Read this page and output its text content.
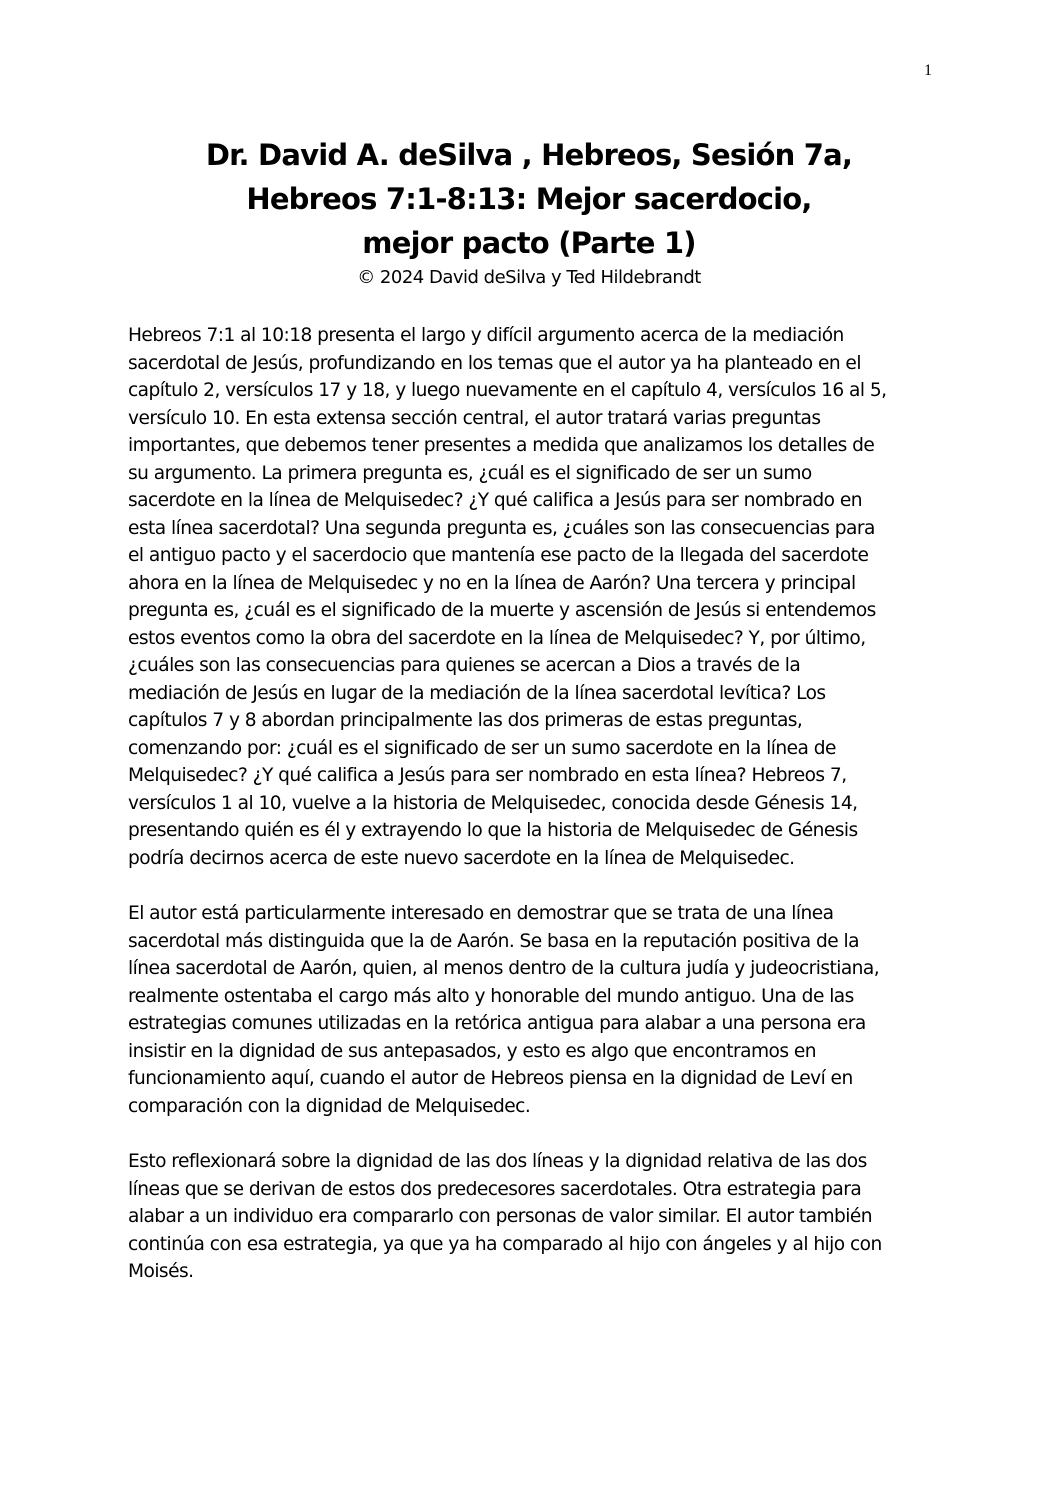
1
Dr. David A. deSilva , Hebreos, Sesión 7a,
Hebreos 7:1-8:13: Mejor sacerdocio,
mejor pacto (Parte 1)
© 2024 David deSilva y Ted Hildebrandt
Hebreos 7:1 al 10:18 presenta el largo y difícil argumento acerca de la mediación
sacerdotal de Jesús, profundizando en los temas que el autor ya ha planteado en el
capítulo 2, versículos 17 y 18, y luego nuevamente en el capítulo 4, versículos 16 al 5,
versículo 10. En esta extensa sección central, el autor tratará varias preguntas
importantes, que debemos tener presentes a medida que analizamos los detalles de
su argumento. La primera pregunta es, ¿cuál es el significado de ser un sumo
sacerdote en la línea de Melquisedec? ¿Y qué califica a Jesús para ser nombrado en
esta línea sacerdotal? Una segunda pregunta es, ¿cuáles son las consecuencias para
el antiguo pacto y el sacerdocio que mantenía ese pacto de la llegada del sacerdote
ahora en la línea de Melquisedec y no en la línea de Aarón? Una tercera y principal
pregunta es, ¿cuál es el significado de la muerte y ascensión de Jesús si entendemos
estos eventos como la obra del sacerdote en la línea de Melquisedec? Y, por último,
¿cuáles son las consecuencias para quienes se acercan a Dios a través de la
mediación de Jesús en lugar de la mediación de la línea sacerdotal levítica? Los
capítulos 7 y 8 abordan principalmente las dos primeras de estas preguntas,
comenzando por: ¿cuál es el significado de ser un sumo sacerdote en la línea de
Melquisedec? ¿Y qué califica a Jesús para ser nombrado en esta línea? Hebreos 7,
versículos 1 al 10, vuelve a la historia de Melquisedec, conocida desde Génesis 14,
presentando quién es él y extrayendo lo que la historia de Melquisedec de Génesis
podría decirnos acerca de este nuevo sacerdote en la línea de Melquisedec.
El autor está particularmente interesado en demostrar que se trata de una línea
sacerdotal más distinguida que la de Aarón. Se basa en la reputación positiva de la
línea sacerdotal de Aarón, quien, al menos dentro de la cultura judía y judeocristiana,
realmente ostentaba el cargo más alto y honorable del mundo antiguo. Una de las
estrategias comunes utilizadas en la retórica antigua para alabar a una persona era
insistir en la dignidad de sus antepasados, y esto es algo que encontramos en
funcionamiento aquí, cuando el autor de Hebreos piensa en la dignidad de Leví en
comparación con la dignidad de Melquisedec.
Esto reflexionará sobre la dignidad de las dos líneas y la dignidad relativa de las dos
líneas que se derivan de estos dos predecesores sacerdotales. Otra estrategia para
alabar a un individuo era compararlo con personas de valor similar. El autor también
continúa con esa estrategia, ya que ya ha comparado al hijo con ángeles y al hijo con
Moisés.
